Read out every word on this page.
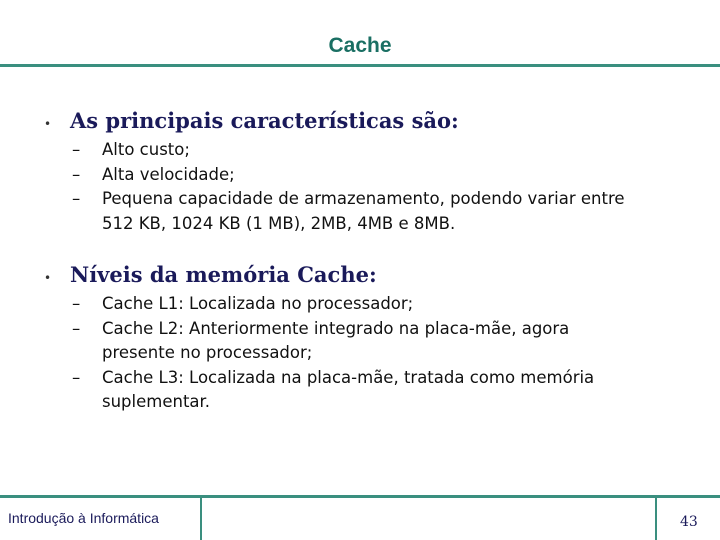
Cache
• As principais características são:
– Alto custo;
– Alta velocidade;
– Pequena capacidade de armazenamento, podendo variar entre 512 KB, 1024 KB (1 MB), 2MB, 4MB e 8MB.
• Níveis da memória Cache:
– Cache L1: Localizada no processador;
– Cache L2: Anteriormente integrado na placa-mãe, agora presente no processador;
– Cache L3: Localizada na placa-mãe, tratada como memória suplementar.
Introdução à Informática	43
